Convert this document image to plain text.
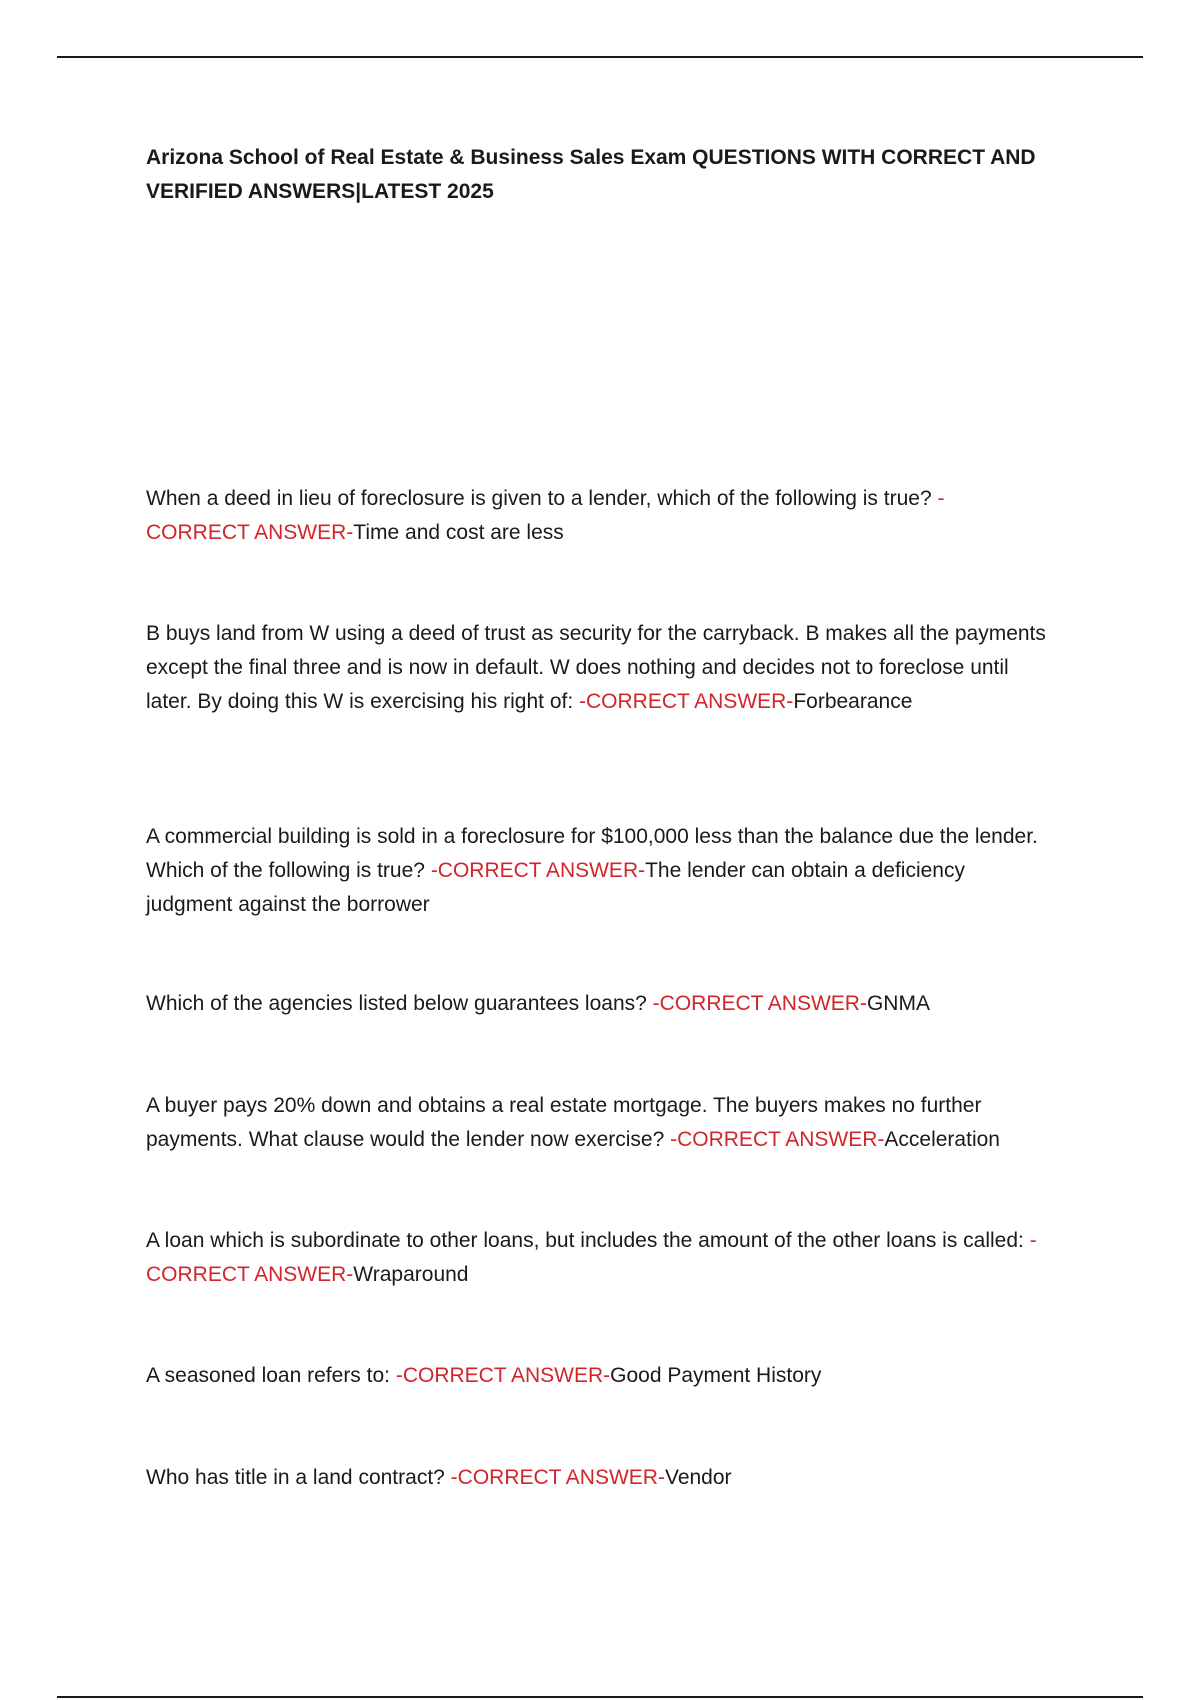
Arizona School of Real Estate & Business Sales Exam QUESTIONS WITH CORRECT AND VERIFIED ANSWERS|LATEST 2025

When a deed in lieu of foreclosure is given to a lender, which of the following is true? -CORRECT ANSWER-Time and cost are less

B buys land from W using a deed of trust as security for the carryback. B makes all the payments except the final three and is now in default. W does nothing and decides not to foreclose until later. By doing this W is exercising his right of: -CORRECT ANSWER-Forbearance

A commercial building is sold in a foreclosure for $100,000 less than the balance due the lender. Which of the following is true? -CORRECT ANSWER-The lender can obtain a deficiency judgment against the borrower

Which of the agencies listed below guarantees loans? -CORRECT ANSWER-GNMA

A buyer pays 20% down and obtains a real estate mortgage. The buyers makes no further payments. What clause would the lender now exercise? -CORRECT ANSWER-Acceleration

A loan which is subordinate to other loans, but includes the amount of the other loans is called: -CORRECT ANSWER-Wraparound

A seasoned loan refers to: -CORRECT ANSWER-Good Payment History

Who has title in a land contract? -CORRECT ANSWER-Vendor
